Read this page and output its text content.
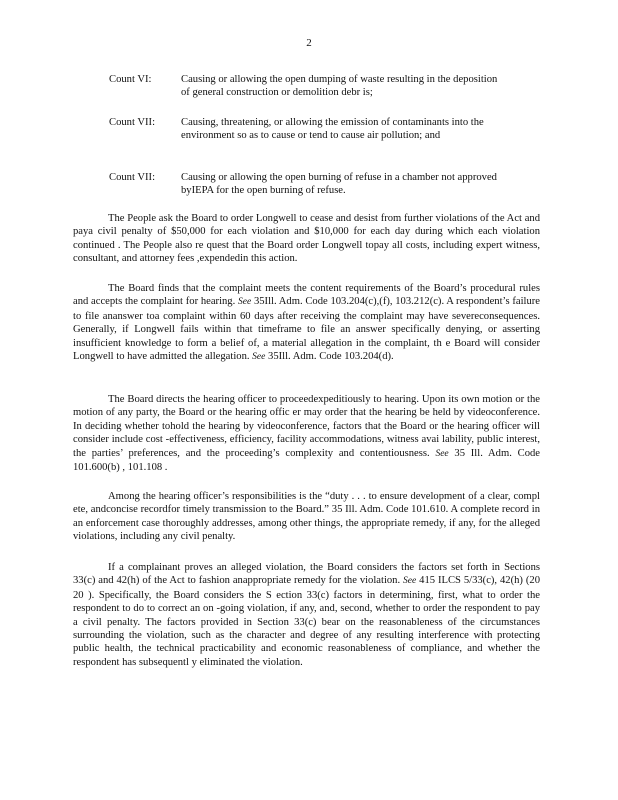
2
Count VI:	Causing or allowing the open dumping of waste resulting in the deposition of general construction or demolition debr is;
Count VII:	Causing, threatening, or allowing the emission of contaminants into the environment so as to cause or tend to cause air pollution; and
Count VII:	Causing or allowing the open burning of refuse in a chamber not approved byIEPA for the open burning of refuse.

The People ask the Board to order Longwell to cease and desist from further violations of the Act and paya civil penalty of $50,000 for each violation and $10,000 for each day during which each violation continued . The People also re quest that the Board order Longwell topay all costs, including expert witness, consultant, and attorney fees ,expendedin this action.

The Board finds that the complaint meets the content requirements of the Board’s procedural rules and accepts the complaint for hearing. See 35Ill. Adm. Code 103.204(c),(f), 103.212(c). A respondent’s failure to file ananswer toa complaint within 60 days after receiving the complaint may have severeconsequences. Generally, if Longwell fails within that timeframe to file an answer specifically denying, or asserting insufficient knowledge to form a belief of, a material allegation in the complaint, th e Board will consider Longwell to have admitted the allegation. See 35Ill. Adm. Code 103.204(d).

The Board directs the hearing officer to proceedexpeditiously to hearing. Upon its own motion or the motion of any party, the Board or the hearing offic er may order that the hearing be held by videoconference. In deciding whether tohold the hearing by videoconference, factors that the Board or the hearing officer will consider include cost -effectiveness, efficiency, facility accommodations, witness avai lability, public interest, the parties’ preferences, and the proceeding’s complexity and contentiousness. See 35 Ill. Adm. Code 101.600(b) , 101.108 .

Among the hearing officer’s responsibilities is the “duty . . . to ensure development of a clear, compl ete, andconcise recordfor timely transmission to the Board.” 35 Ill. Adm. Code 101.610. A complete record in an enforcement case thoroughly addresses, among other things, the appropriate remedy, if any, for the alleged violations, including any civil penalty.

If a complainant proves an alleged violation, the Board considers the factors set forth in Sections 33(c) and 42(h) of the Act to fashion anappropriate remedy for the violation. See 415 ILCS 5/33(c), 42(h) (20 20 ). Specifically, the Board considers the S ection 33(c) factors in determining, first, what to order the respondent to do to correct an on -going violation, if any, and, second, whether to order the respondent to pay a civil penalty. The factors provided in Section 33(c) bear on the reasonableness of the circumstances surrounding the violation, such as the character and degree of any resulting interference with protecting public health, the technical practicability and economic reasonableness of compliance, and whether the respondent has subsequentl y eliminated the violation.
